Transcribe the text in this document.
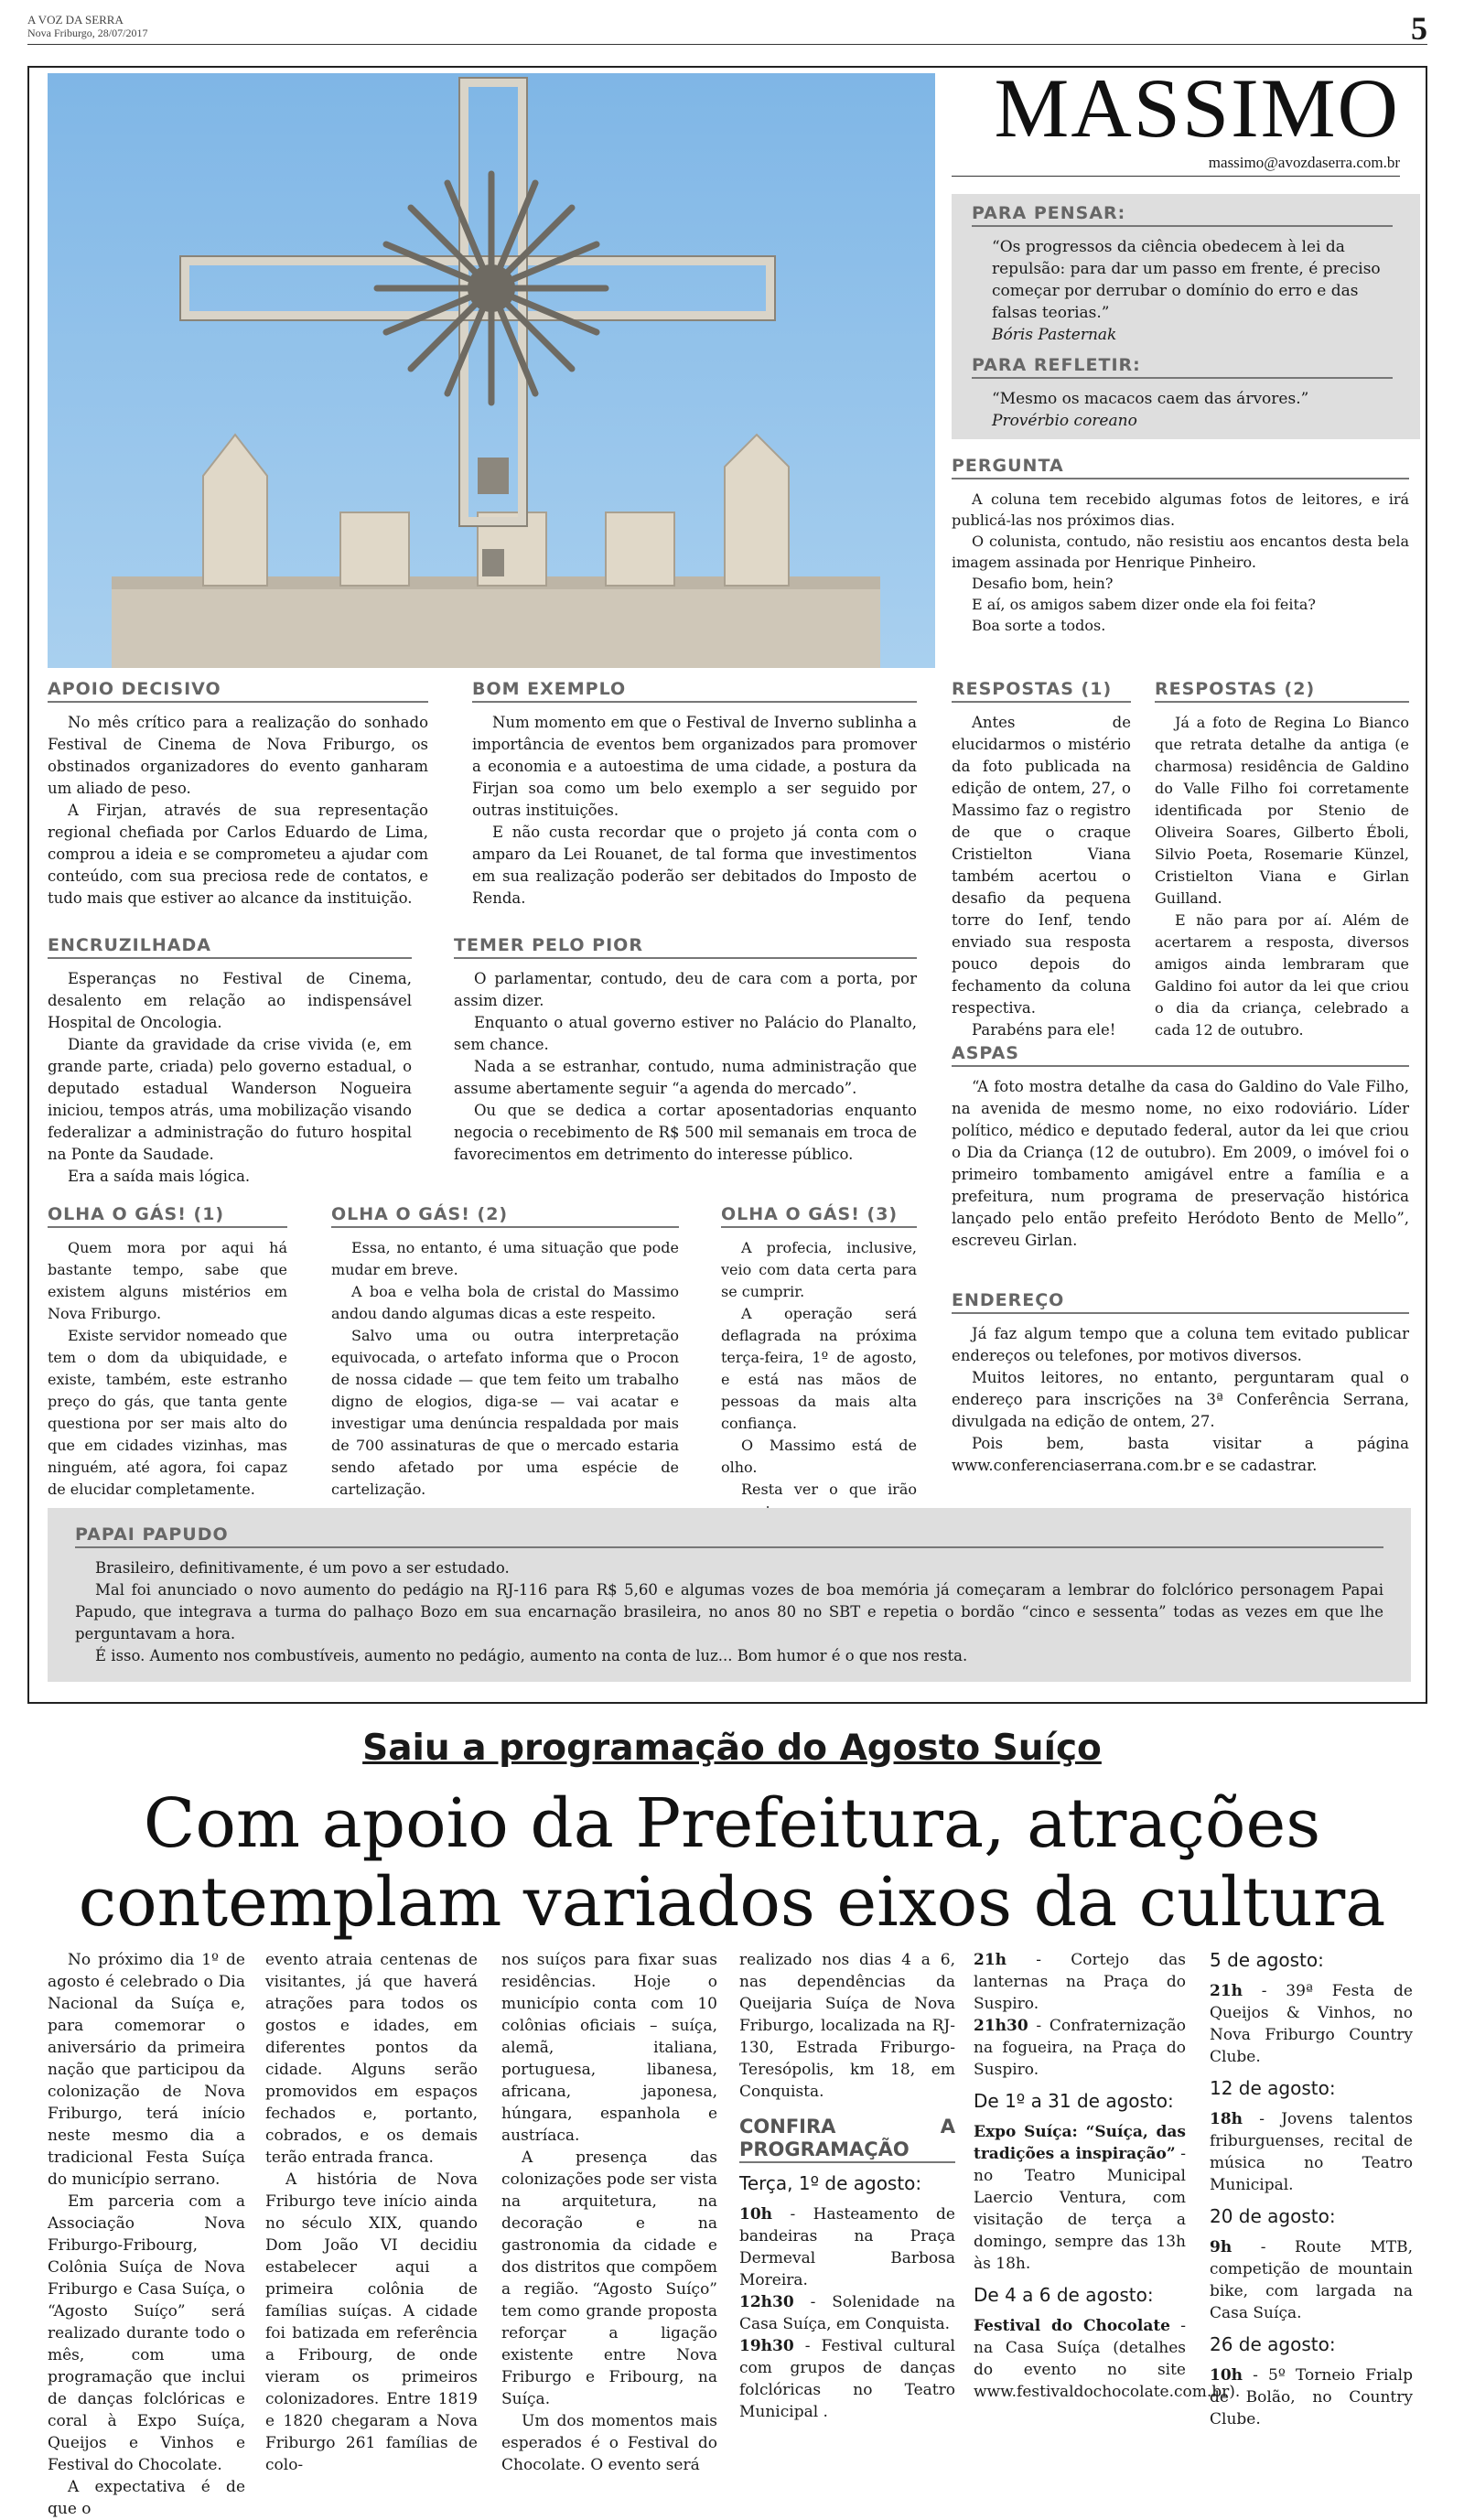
A VOZ DA SERRA
Nova Friburgo, 28/07/2017	5
MASSIMO
massimo@avozdaserra.com.br
PARA PENSAR:

“Os progressos da ciência obedecem à lei da repulsão: para dar um passo em frente, é preciso começar por derrubar o domínio do erro e das falsas teorias.”

Bóris Pasternak

PARA REFLETIR:

“Mesmo os macacos caem das árvores.”

Provérbio coreano

PERGUNTA

A coluna tem recebido algumas fotos de leitores, e irá publicá-las nos próximos dias.

O colunista, contudo, não resistiu aos encantos desta bela imagem assinada por Henrique Pinheiro.

Desafio bom, hein?

E aí, os amigos sabem dizer onde ela foi feita?

Boa sorte a todos.

APOIO DECISIVO

No mês crítico para a realização do sonhado Festival de Cinema de Nova Friburgo, os obstinados organizadores do evento ganharam um aliado de peso.

A Firjan, através de sua representação regional chefiada por Carlos Eduardo de Lima, comprou a ideia e se comprometeu a ajudar com conteúdo, com sua preciosa rede de contatos, e tudo mais que estiver ao alcance da instituição.

BOM EXEMPLO

Num momento em que o Festival de Inverno sublinha a importância de eventos bem organizados para promover a economia e a autoestima de uma cidade, a postura da Firjan soa como um belo exemplo a ser seguido por outras instituições.

E não custa recordar que o projeto já conta com o amparo da Lei Rouanet, de tal forma que investimentos em sua realização poderão ser debitados do Imposto de Renda.

RESPOSTAS (1)

Antes de elucidarmos o mistério da foto publicada na edição de ontem, 27, o Massimo faz o registro de que o craque Cristielton Viana também acertou o desafio da pequena torre do Ienf, tendo enviado sua resposta pouco depois do fechamento da coluna respectiva.

Parabéns para ele!

RESPOSTAS (2)

Já a foto de Regina Lo Bianco que retrata detalhe da antiga (e charmosa) residência de Galdino do Valle Filho foi corretamente identificada por Stenio de Oliveira Soares, Gilberto Éboli, Silvio Poeta, Rosemarie Künzel, Cristielton Viana e Girlan Guilland.

E não para por aí. Além de acertarem a resposta, diversos amigos ainda lembraram que Galdino foi autor da lei que criou o dia da criança, celebrado a cada 12 de outubro.

ENCRUZILHADA

Esperanças no Festival de Cinema, desalento em relação ao indispensável Hospital de Oncologia.

Diante da gravidade da crise vivida (e, em grande parte, criada) pelo governo estadual, o deputado estadual Wanderson Nogueira iniciou, tempos atrás, uma mobilização visando federalizar a administração do futuro hospital na Ponte da Saudade.

Era a saída mais lógica.

TEMER PELO PIOR

O parlamentar, contudo, deu de cara com a porta, por assim dizer.

Enquanto o atual governo estiver no Palácio do Planalto, sem chance.

Nada a se estranhar, contudo, numa administração que assume abertamente seguir “a agenda do mercado”.

Ou que se dedica a cortar aposentadorias enquanto negocia o recebimento de R$ 500 mil semanais em troca de favorecimentos em detrimento do interesse público.

ASPAS

“A foto mostra detalhe da casa do Galdino do Vale Filho, na avenida de mesmo nome, no eixo rodoviário. Líder político, médico e deputado federal, autor da lei que criou o Dia da Criança (12 de outubro). Em 2009, o imóvel foi o primeiro tombamento amigável entre a família e a prefeitura, num programa de preservação histórica lançado pelo então prefeito Heródoto Bento de Mello”, escreveu Girlan.

OLHA O GÁS! (1)

Quem mora por aqui há bastante tempo, sabe que existem alguns mistérios em Nova Friburgo.

Existe servidor nomeado que tem o dom da ubiquidade, e existe, também, este estranho preço do gás, que tanta gente questiona por ser mais alto do que em cidades vizinhas, mas ninguém, até agora, foi capaz de elucidar completamente.

OLHA O GÁS! (2)

Essa, no entanto, é uma situação que pode mudar em breve.

A boa e velha bola de cristal do Massimo andou dando algumas dicas a este respeito.

Salvo uma ou outra interpretação equivocada, o artefato informa que o Procon de nossa cidade — que tem feito um trabalho digno de elogios, diga-se — vai acatar e investigar uma denúncia respaldada por mais de 700 assinaturas de que o mercado estaria sendo afetado por uma espécie de cartelização.

OLHA O GÁS! (3)

A profecia, inclusive, veio com data certa para se cumprir.

A operação será deflagrada na próxima terça-feira, 1º de agosto, e está nas mãos de pessoas da mais alta confiança.

O Massimo está de olho.

Resta ver o que irão

ENDEREÇO

Já faz algum tempo que a coluna tem evitado publicar endereços ou telefones, por motivos diversos.

Muitos leitores, no entanto, perguntaram qual o endereço para inscrições na 3ª Conferência Serrana, divulgada na edição de ontem, 27.

Pois bem, basta visitar a página www.conferenciaserrana.com.br e se cadastrar.

PAPAI PAPUDO

Brasileiro, definitivamente, é um povo a ser estudado.

Mal foi anunciado o novo aumento do pedágio na RJ-116 para R$ 5,60 e algumas vozes de boa memória já começaram a lembrar do folclórico personagem Papai Papudo, que integrava a turma do palhaço Bozo em sua encarnação brasileira, no anos 80 no SBT e repetia o bordão “cinco e sessenta” todas as vezes em que lhe perguntavam a hora.

É isso. Aumento nos combustíveis, aumento no pedágio, aumento na conta de luz... Bom humor é o que nos resta.

Saiu a programação do Agosto Suíço
Com apoio da Prefeitura, atrações
contemplam variados eixos da cultura

No próximo dia 1º de agosto é celebrado o Dia Nacional da Suíça e, para comemorar o aniversário da primeira nação que participou da colonização de Nova Friburgo, terá início neste mesmo dia a tradicional Festa Suíça do município serrano.

Em parceria com a Associação Nova Friburgo-Fribourg, Colônia Suíça de Nova Friburgo e Casa Suíça, o “Agosto Suíço” será realizado durante todo o mês, com uma programação que inclui de danças folclóricas e coral à Expo Suíça, Queijos e Vinhos e Festival do Chocolate.

A expectativa é de que o

evento atraia centenas de visitantes, já que haverá atrações para todos os gostos e idades, em diferentes pontos da cidade. Alguns serão promovidos em espaços fechados e, portanto, cobrados, e os demais terão entrada franca.

A história de Nova Friburgo teve início ainda no século XIX, quando Dom João VI decidiu estabelecer aqui a primeira colônia de famílias suíças. A cidade foi batizada em referência a Fribourg, de onde vieram os primeiros colonizadores. Entre 1819 e 1820 chegaram a Nova Friburgo 261 famílias de colo-

nos suíços para fixar suas residências. Hoje o município conta com 10 colônias oficiais – suíça, alemã, italiana, portuguesa, libanesa, africana, japonesa, húngara, espanhola e austríaca.

A presença das colonizações pode ser vista na arquitetura, na decoração e na gastronomia da cidade e dos distritos que compõem a região. “Agosto Suíço” tem como grande proposta reforçar a ligação existente entre Nova Friburgo e Fribourg, na Suíça.

Um dos momentos mais esperados é o Festival do Chocolate. O evento será

realizado nos dias 4 a 6, nas dependências da Queijaria Suíça de Nova Friburgo, localizada na RJ-130, Estrada Friburgo-Teresópolis, km 18, em Conquista.

CONFIRA A PROGRAMAÇÃO
Terça, 1º de agosto:

10h - Hasteamento de bandeiras na Praça Dermeval Barbosa Moreira.

12h30 - Solenidade na Casa Suíça, em Conquista.

19h30 - Festival cultural com grupos de danças folclóricas no Teatro Municipal .

21h - Cortejo das lanternas na Praça do Suspiro.

21h30 - Confraternização na fogueira, na Praça do Suspiro.

De 1º a 31 de agosto:

Expo Suíça: “Suíça, das tradições a inspiração” - no Teatro Municipal Laercio Ventura, com visitação de terça a domingo, sempre das 13h às 18h.

De 4 a 6 de agosto:

Festival do Chocolate - na Casa Suíça (detalhes do evento no site www.festivaldochocolate.com.br).

5 de agosto:

21h - 39ª Festa de Queijos & Vinhos, no Nova Friburgo Country Clube.

12 de agosto:

18h - Jovens talentos friburguenses, recital de música no Teatro Municipal.

20 de agosto:

9h - Route MTB, competição de mountain bike, com largada na Casa Suíça.

26 de agosto:

10h - 5º Torneio Frialp de Bolão, no Country Clube.
